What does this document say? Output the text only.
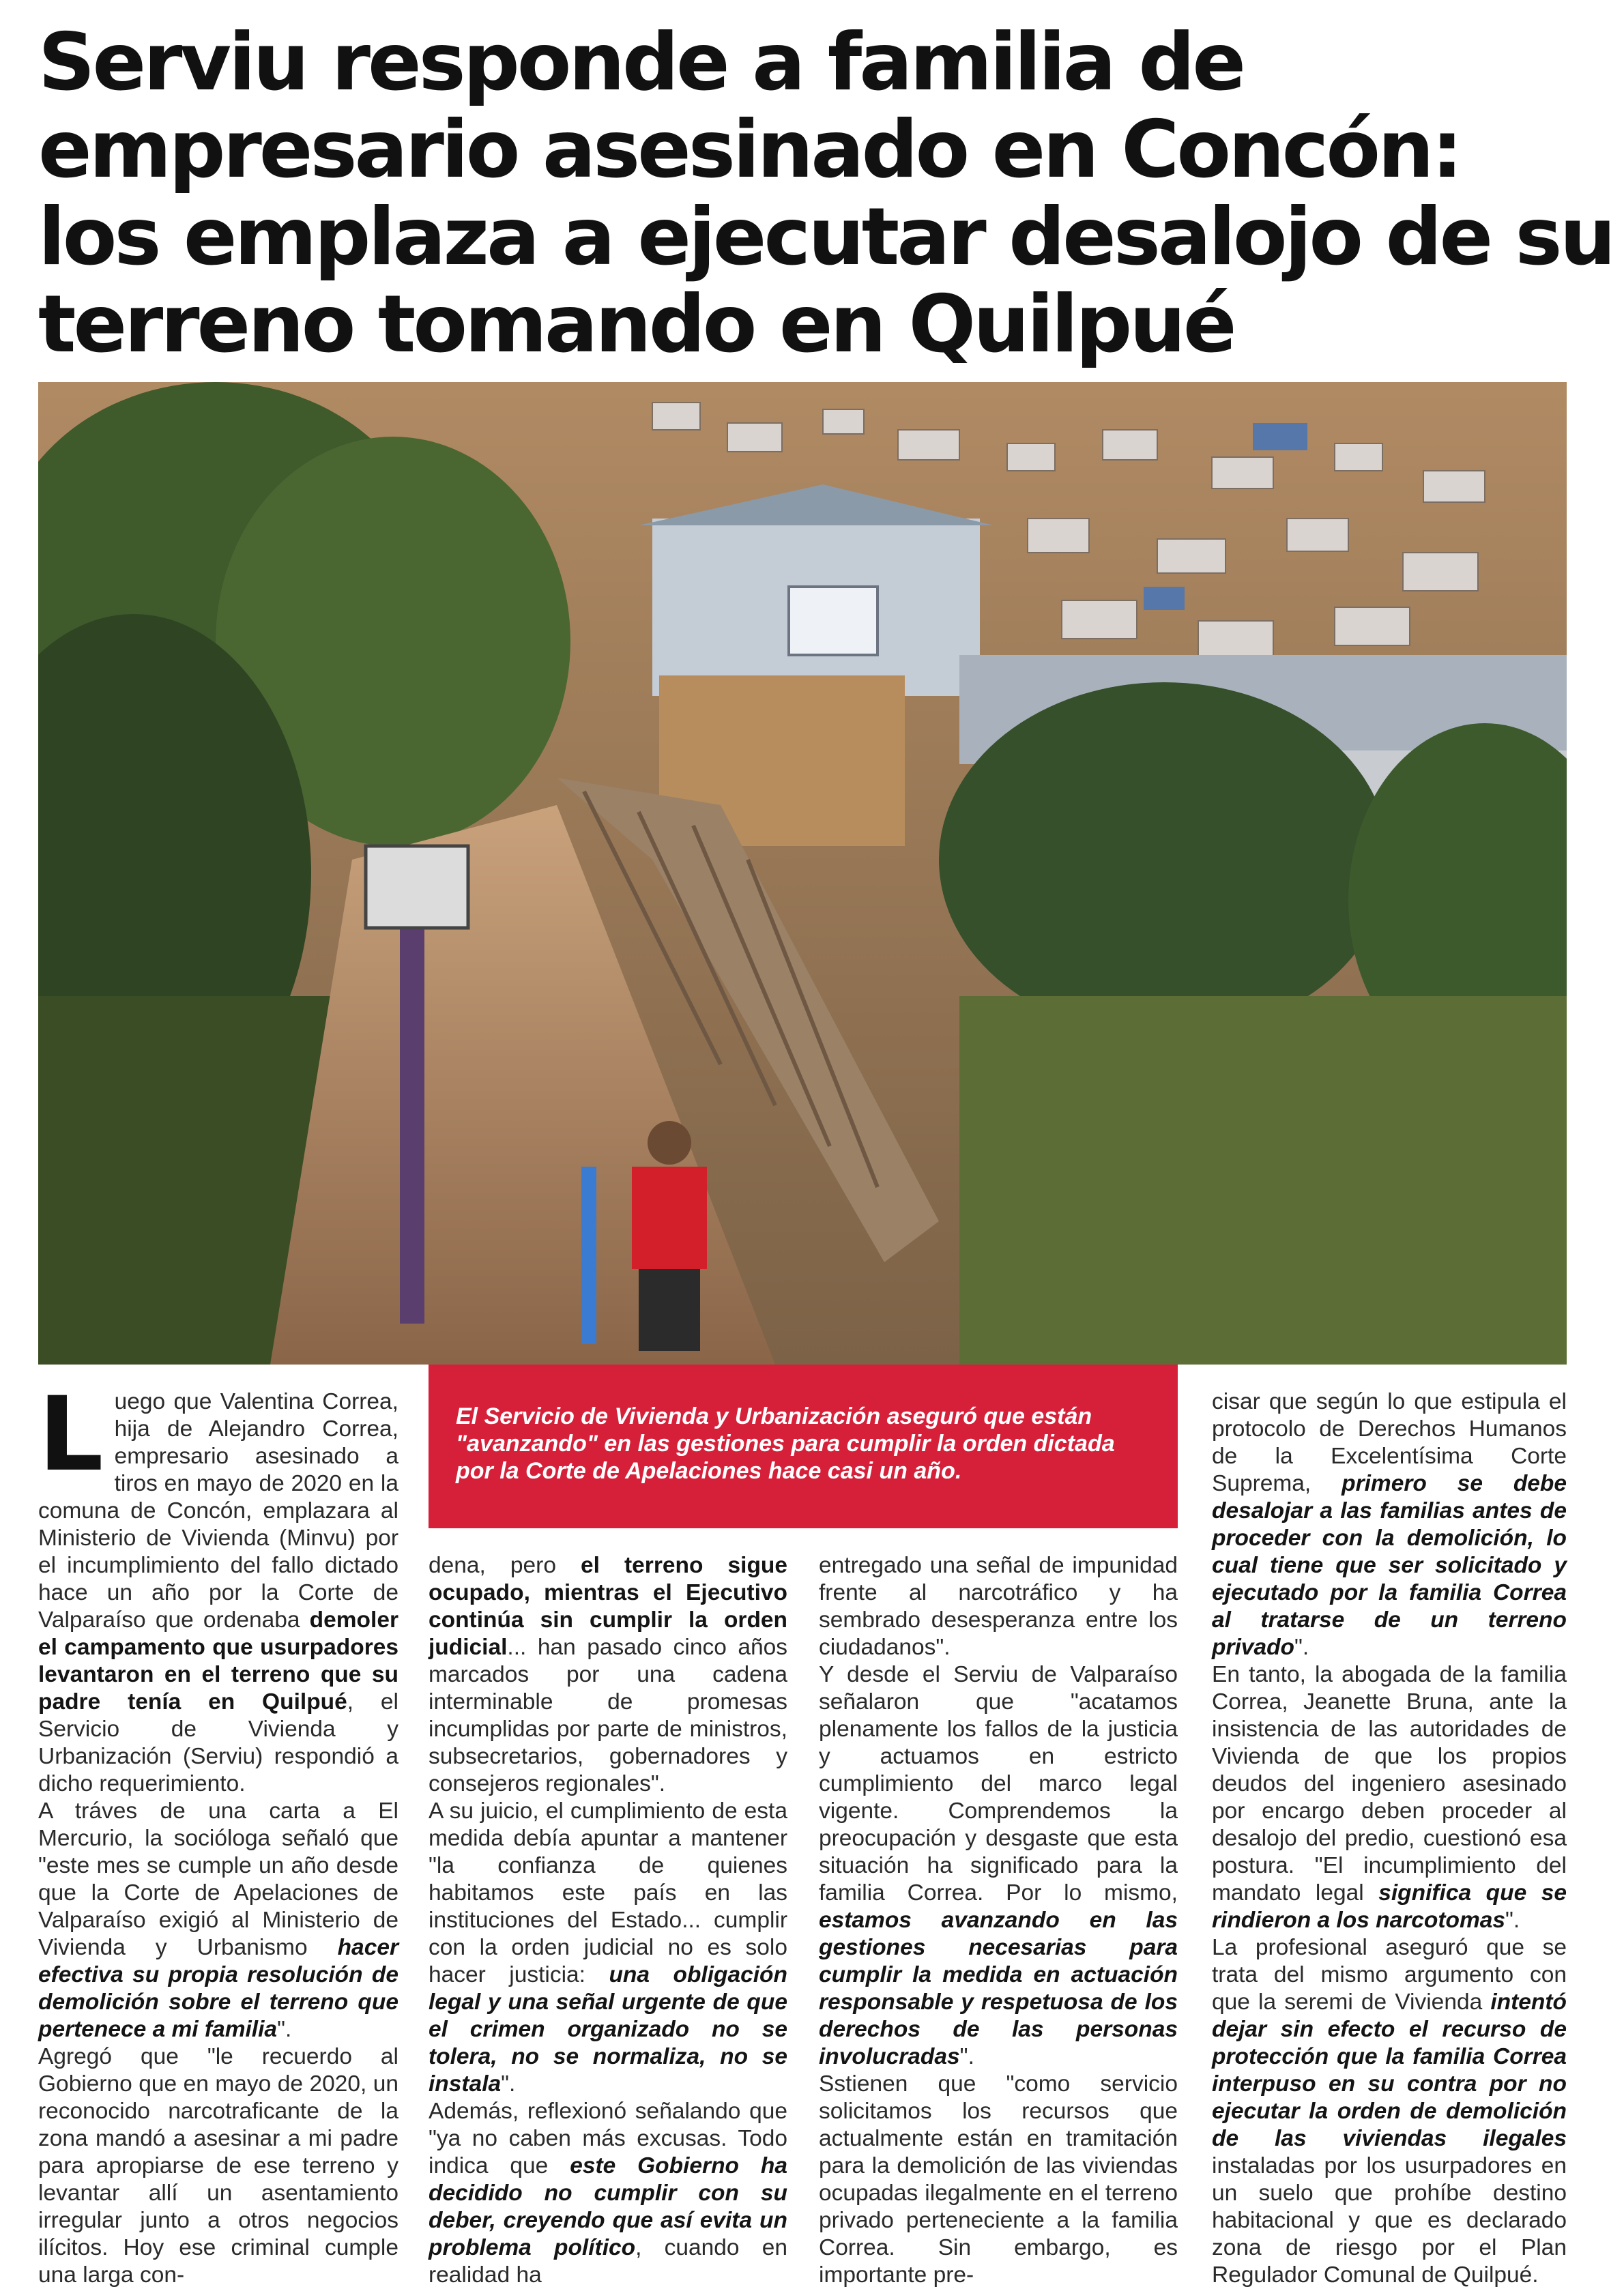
Serviu responde a familia de
empresario asesinado en Concón:
los emplaza a ejecutar desalojo de su
terreno tomando en Quilpué
L uego que Valentina Correa, hija de Alejandro Correa, empresario asesinado a tiros en mayo de 2020 en la comuna de Concón, emplazara al Ministerio de Vivienda (Minvu) por el incumplimiento del fallo dictado hace un año por la Corte de Valparaíso que ordenaba demoler el campamento que usurpadores levantaron en el terreno que su padre tenía en Quilpué, el Servicio de Vivienda y Urbanización (Serviu) respondió a dicho requerimiento.

A tráves de una carta a El Mercurio, la socióloga señaló que "este mes se cumple un año desde que la Corte de Apelaciones de Valparaíso exigió al Ministerio de Vivienda y Urbanismo hacer efectiva su propia resolución de demolición sobre el terreno que pertenece a mi familia".

Agregó que "le recuerdo al Gobierno que en mayo de 2020, un reconocido narcotraficante de la zona mandó a asesinar a mi padre para apropiarse de ese terreno y levantar allí un asentamiento irregular junto a otros negocios ilícitos. Hoy ese criminal cumple una larga con-

El Servicio de Vivienda y Urbanización aseguró que están "avanzando" en las gestiones para cumplir la orden dictada por la Corte de Apelaciones hace casi un año.

dena, pero el terreno sigue ocupado, mientras el Ejecutivo continúa sin cumplir la orden judicial... han pasado cinco años marcados por una cadena interminable de promesas incumplidas por parte de ministros, subsecretarios, gobernadores y consejeros regionales".

A su juicio, el cumplimiento de esta medida debía apuntar a mantener "la confianza de quienes habitamos este país en las instituciones del Estado... cumplir con la orden judicial no es solo hacer justicia: una obligación legal y una señal urgente de que el crimen organizado no se tolera, no se normaliza, no se instala".

Además, reflexionó señalando que "ya no caben más excusas. Todo indica que este Gobierno ha decidido no cumplir con su deber, creyendo que así evita un problema político, cuando en realidad ha

entregado una señal de impunidad frente al narcotráfico y ha sembrado desesperanza entre los ciudadanos".

Y desde el Serviu de Valparaíso señalaron que "acatamos plenamente los fallos de la justicia y actuamos en estricto cumplimiento del marco legal vigente. Comprendemos la preocupación y desgaste que esta situación ha significado para la familia Correa. Por lo mismo, estamos avanzando en las gestiones necesarias para cumplir la medida en actuación responsable y respetuosa de los derechos de las personas involucradas".

Sstienen que "como servicio solicitamos los recursos que actualmente están en tramitación para la demolición de las viviendas ocupadas ilegalmente en el terreno privado perteneciente a la familia Correa. Sin embargo, es importante pre-

cisar que según lo que estipula el protocolo de Derechos Humanos de la Excelentísima Corte Suprema, primero se debe desalojar a las familias antes de proceder con la demolición, lo cual tiene que ser solicitado y ejecutado por la familia Correa al tratarse de un terreno privado".

En tanto, la abogada de la familia Correa, Jeanette Bruna, ante la insistencia de las autoridades de Vivienda de que los propios deudos del ingeniero asesinado por encargo deben proceder al desalojo del predio, cuestionó esa postura. "El incumplimiento del mandato legal significa que se rindieron a los narcotomas".

La profesional aseguró que se trata del mismo argumento con que la seremi de Vivienda intentó dejar sin efecto el recurso de protección que la familia Correa interpuso en su contra por no ejecutar la orden de demolición de las viviendas ilegales instaladas por los usurpadores en un suelo que prohíbe destino habitacional y que es declarado zona de riesgo por el Plan Regulador Comunal de Quilpué.
